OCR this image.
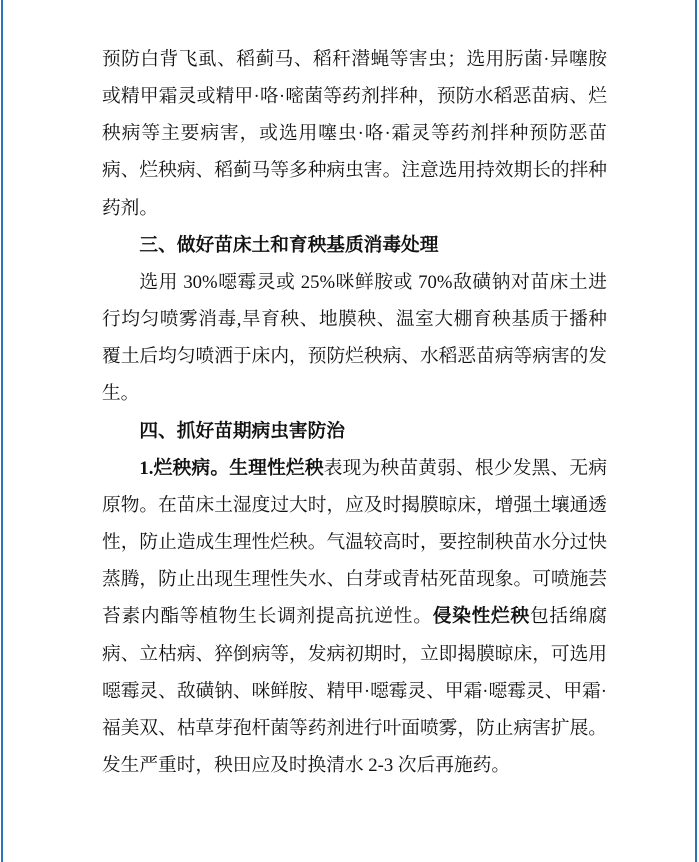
预防白背飞虱、稻蓟马、稻秆潜蝇等害虫；选用肟菌·异噻胺或精甲霜灵或精甲·咯·嘧菌等药剂拌种，预防水稻恶苗病、烂秧病等主要病害，或选用噻虫·咯·霜灵等药剂拌种预防恶苗病、烂秧病、稻蓟马等多种病虫害。注意选用持效期长的拌种药剂。
三、做好苗床土和育秧基质消毒处理
选用 30%噁霉灵或 25%咪鲜胺或 70%敌磺钠对苗床土进行均匀喷雾消毒,旱育秧、地膜秧、温室大棚育秧基质于播种覆土后均匀喷洒于床内，预防烂秧病、水稻恶苗病等病害的发生。
四、抓好苗期病虫害防治
1.烂秧病。生理性烂秧表现为秧苗黄弱、根少发黑、无病原物。在苗床土湿度过大时，应及时揭膜晾床，增强土壤通透性，防止造成生理性烂秧。气温较高时，要控制秧苗水分过快蒸腾，防止出现生理性失水、白芽或青枯死苗现象。可喷施芸苔素内酯等植物生长调剂提高抗逆性。侵染性烂秧包括绵腐病、立枯病、猝倒病等，发病初期时，立即揭膜晾床，可选用噁霉灵、敌磺钠、咪鲜胺、精甲·噁霉灵、甲霜·噁霉灵、甲霜·福美双、枯草芽孢杆菌等药剂进行叶面喷雾，防止病害扩展。发生严重时，秧田应及时换清水 2-3 次后再施药。
